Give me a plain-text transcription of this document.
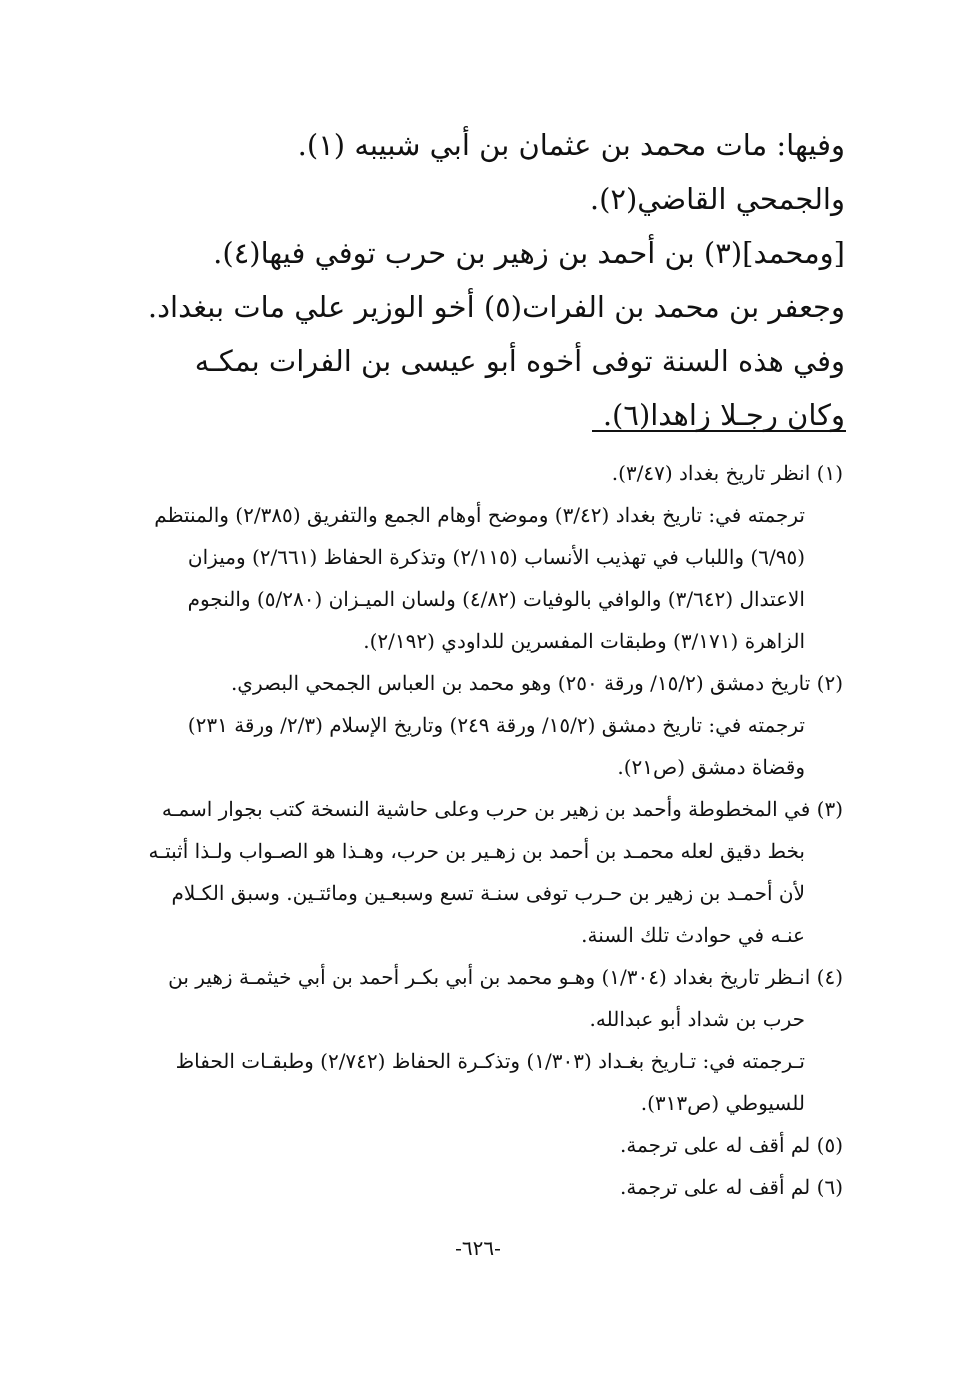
وفيها: مات محمد بن عثمان بن أبي شبيبه (١).

والجمحي القاضي(٢).

[ومحمد](٣) بن أحمد بن زهير بن حرب توفي فيها(٤).

وجعفر بن محمد بن الفرات(٥) أخو الوزير علي مات ببغداد.

وفي هذه السنة توفى أخوه أبو عيسى بن الفرات بمكـه وكان رجـلا زاهدا(٦).

(١) انظر تاريخ بغداد (٣/٤٧).

ترجمته في: تاريخ بغداد (٣/٤٢) وموضح أوهام الجمع والتفريق (٢/٣٨٥) والمنتظم (٦/٩٥) واللباب في تهذيب الأنساب (٢/١١٥) وتذكرة الحفاظ (٢/٦٦١) وميزان الاعتدال (٣/٦٤٢) والوافي بالوفيات (٤/٨٢) ولسان الميـزان (٥/٢٨٠) والنجوم الزاهرة (٣/١٧١) وطبقات المفسرين للداودي (٢/١٩٢).

(٢) تاريخ دمشق (١٥/٢/ ورقة ٢٥٠) وهو محمد بن العباس الجمحي البصري.

ترجمته في: تاريخ دمشق (١٥/٢/ ورقة ٢٤٩) وتاريخ الإسلام (٢/٣/ ورقة ٢٣١) وقضاة دمشق (ص٢١).

(٣) في المخطوطة وأحمد بن زهير بن حرب وعلى حاشية النسخة كتب بجوار اسمـه بخط دقيق لعله محمـد بن أحمد بن زهـير بن حرب، وهـذا هو الصـواب ولـذا أثبتـه لأن أحمـد بن زهير بن حـرب توفى سنـة تسع وسبعـين ومائتـين. وسبق الكـلام عنـه في حوادث تلك السنة.

(٤) انـظر تاريخ بغداد (١/٣٠٤) وهـو محمد بن أبي بكـر أحمد بن أبي خيثمـة زهير بن حرب بن شداد أبو عبدالله.

تـرجمته في: تـاريخ بغـداد (١/٣٠٣) وتذكـرة الحفاظ (٢/٧٤٢) وطبقـات الحفاظ للسيوطي (ص٣١٣).

(٥) لم أقف له على ترجمة.

(٦) لم أقف له على ترجمة.

-٦٢٦-
